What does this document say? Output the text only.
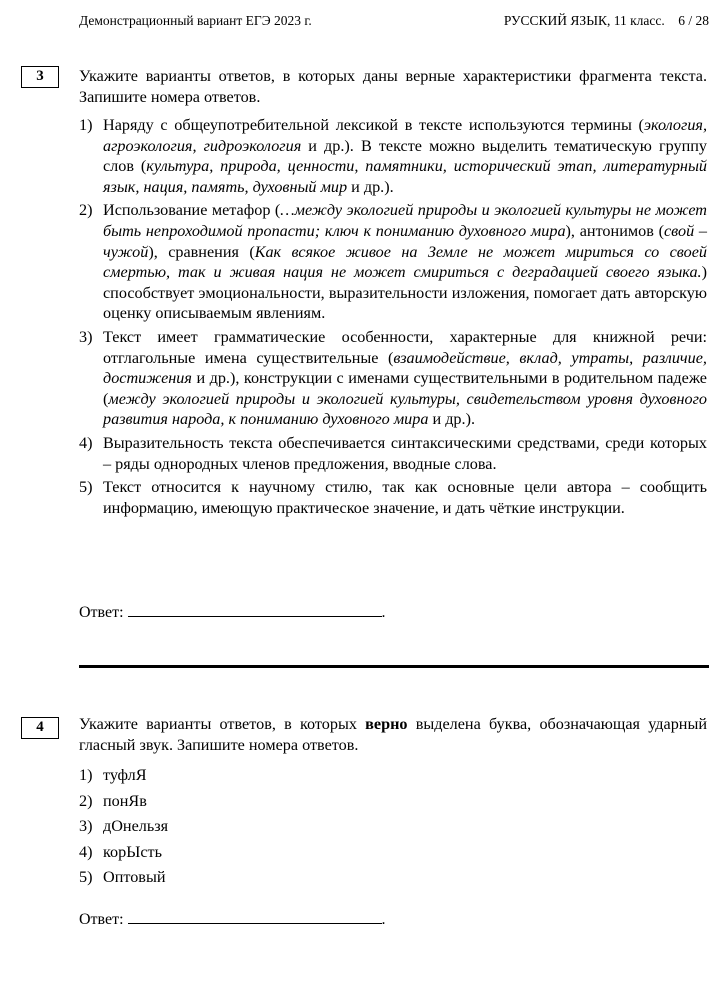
Демонстрационный вариант ЕГЭ 2023 г.	РУССКИЙ ЯЗЫК, 11 класс.    6 / 28
3	Укажите варианты ответов, в которых даны верные характеристики фрагмента текста. Запишите номера ответов.
1) Наряду с общеупотребительной лексикой в тексте используются термины (экология, агроэкология, гидроэкология и др.). В тексте можно выделить тематическую группу слов (культура, природа, ценности, памятники, исторический этап, литературный язык, нация, память, духовный мир и др.).
2) Использование метафор (…между экологией природы и экологией культуры не может быть непроходимой пропасти; ключ к пониманию духовного мира), антонимов (свой – чужой), сравнения (Как всякое живое на Земле не может мириться со своей смертью, так и живая нация не может смириться с деградацией своего языка.) способствует эмоциональности, выразительности изложения, помогает дать авторскую оценку описываемым явлениям.
3) Текст имеет грамматические особенности, характерные для книжной речи: отглагольные имена существительные (взаимодействие, вклад, утраты, различие, достижения и др.), конструкции с именами существительными в родительном падеже (между экологией природы и экологией культуры, свидетельством уровня духовного развития народа, к пониманию духовного мира и др.).
4) Выразительность текста обеспечивается синтаксическими средствами, среди которых – ряды однородных членов предложения, вводные слова.
5) Текст относится к научному стилю, так как основные цели автора – сообщить информацию, имеющую практическое значение, и дать чёткие инструкции.
Ответ:	.
4	Укажите варианты ответов, в которых верно выделена буква, обозначающая ударный гласный звук. Запишите номера ответов.
1) туфлЯ
2) понЯв
3) дОнельзя
4) корЫсть
5) Оптовый
Ответ:	.
